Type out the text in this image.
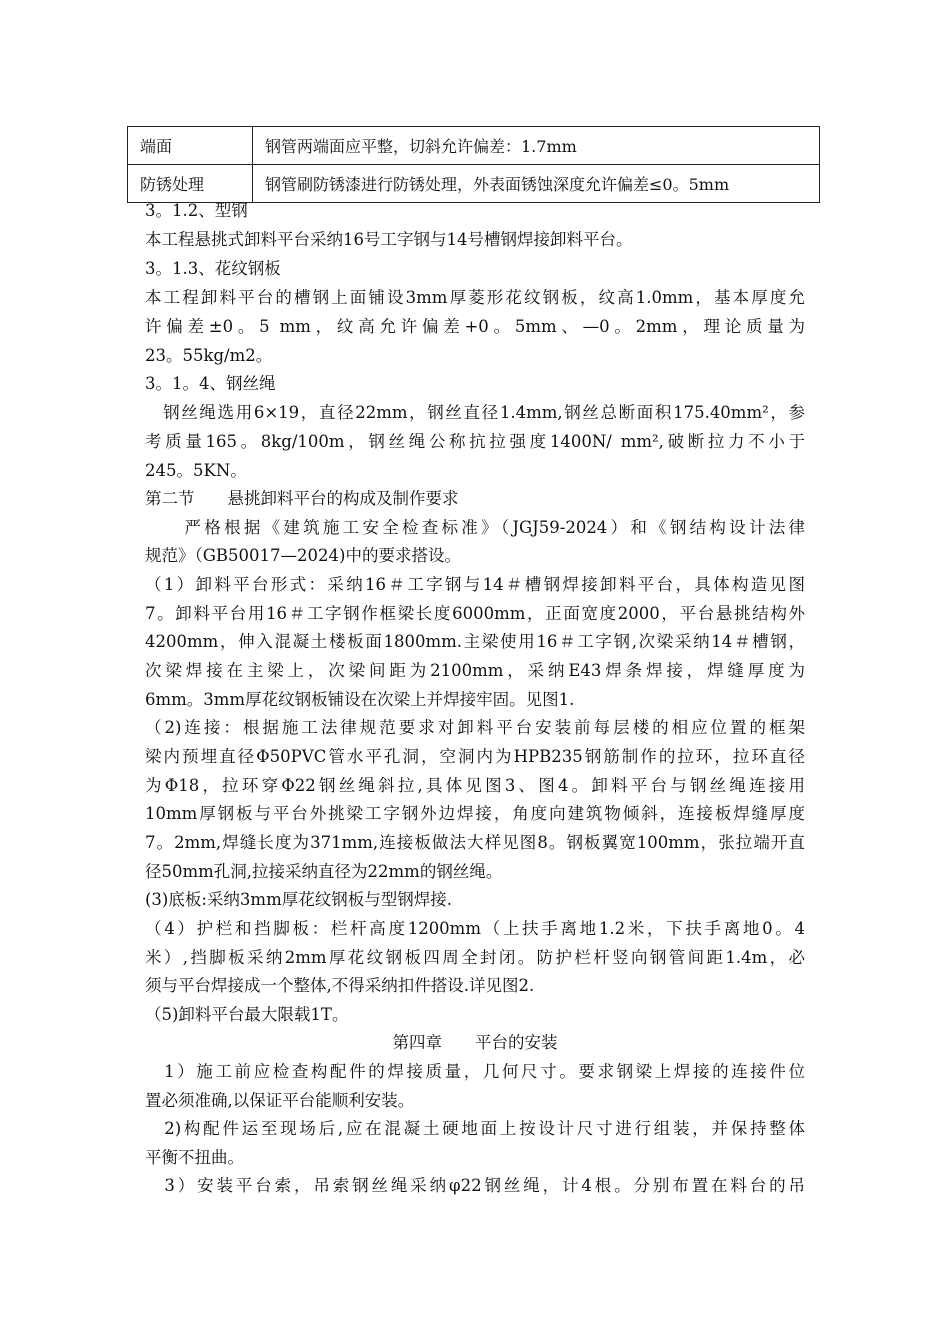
端面	钢管两端面应平整，切斜允许偏差：1.7mm
防锈处理	钢管刷防锈漆进行防锈处理，外表面锈蚀深度允许偏差≤0。5mm
3。1.2、型钢
本工程悬挑式卸料平台采纳16号工字钢与14号槽钢焊接卸料平台。
3。1.3、花纹钢板
本工程卸料平台的槽钢上面铺设3mm厚菱形花纹钢板，纹高1.0mm，基本厚度允
许偏差±0。5 mm，纹高允许偏差+0。5mm、—0。2mm，理论质量为
23。55kg/m2。
3。1。4、钢丝绳
　钢丝绳选用6×19，直径22mm，钢丝直径1.4mm,钢丝总断面积175.40mm²，参
考质量165。8kg/100m，钢丝绳公称抗拉强度1400N/ mm²,破断拉力不小于
245。5KN。
第二节　　悬挑卸料平台的构成及制作要求
　　严格根据《建筑施工安全检查标准》（JGJ59-2024）和《钢结构设计法律
规范》（GB50017—2024)中的要求搭设。
（1）卸料平台形式：采纳16＃工字钢与14＃槽钢焊接卸料平台，具体构造见图
7。卸料平台用16＃工字钢作框梁长度6000mm，正面宽度2000，平台悬挑结构外
4200mm，伸入混凝土楼板面1800mm.主梁使用16＃工字钢,次梁采纳14＃槽钢，
次梁焊接在主梁上，次梁间距为2100mm，采纳E43焊条焊接，焊缝厚度为
6mm。3mm厚花纹钢板铺设在次梁上并焊接牢固。见图1.
（2)连接：根据施工法律规范要求对卸料平台安装前每层楼的相应位置的框架
梁内预埋直径Φ50PVC管水平孔洞，空洞内为HPB235钢筋制作的拉环，拉环直径
为Φ18，拉环穿Φ22钢丝绳斜拉,具体见图3、图4。卸料平台与钢丝绳连接用
10mm厚钢板与平台外挑梁工字钢外边焊接，角度向建筑物倾斜，连接板焊缝厚度
7。2mm,焊缝长度为371mm,连接板做法大样见图8。钢板翼宽100mm，张拉端开直
径50mm孔洞,拉接采纳直径为22mm的钢丝绳。
(3)底板:采纳3mm厚花纹钢板与型钢焊接.
（4）护栏和挡脚板：栏杆高度1200mm（上扶手离地1.2米，下扶手离地0。4
米）,挡脚板采纳2mm厚花纹钢板四周全封闭。防护栏杆竖向钢管间距1.4m，必
须与平台焊接成一个整体,不得采纳扣件搭设.详见图2.
（5)卸料平台最大限载1T。
第四章　　平台的安装
　1）施工前应检查构配件的焊接质量，几何尺寸。要求钢梁上焊接的连接件位
置必须准确,以保证平台能顺利安装。
　2)构配件运至现场后,应在混凝土硬地面上按设计尺寸进行组装，并保持整体
平衡不扭曲。
　3）安装平台索，吊索钢丝绳采纳φ22钢丝绳，计4根。分别布置在料台的吊
